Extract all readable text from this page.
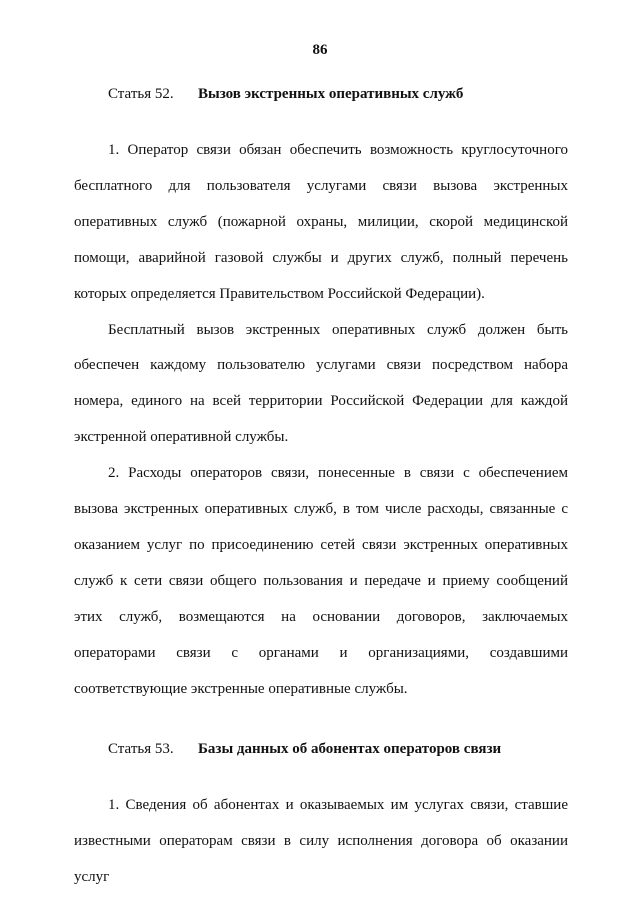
86
Статья 52. Вызов экстренных оперативных служб

1. Оператор связи обязан обеспечить возможность круглосуточного бесплатного для пользователя услугами связи вызова экстренных оперативных служб (пожарной охраны, милиции, скорой медицинской помощи, аварийной газовой службы и других служб, полный перечень которых определяется Правительством Российской Федерации).

Бесплатный вызов экстренных оперативных служб должен быть обеспечен каждому пользователю услугами связи посредством набора номера, единого на всей территории Российской Федерации для каждой экстренной оперативной службы.

2. Расходы операторов связи, понесенные в связи с обеспечением вызова экстренных оперативных служб, в том числе расходы, связанные с оказанием услуг по присоединению сетей связи экстренных оперативных служб к сети связи общего пользования и передаче и приему сообщений этих служб, возмещаются на основании договоров, заключаемых операторами связи с органами и организациями, создавшими соответствующие экстренные оперативные службы.

Статья 53. Базы данных об абонентах операторов связи

1. Сведения об абонентах и оказываемых им услугах связи, ставшие известными операторам связи в силу исполнения договора об оказании услуг
